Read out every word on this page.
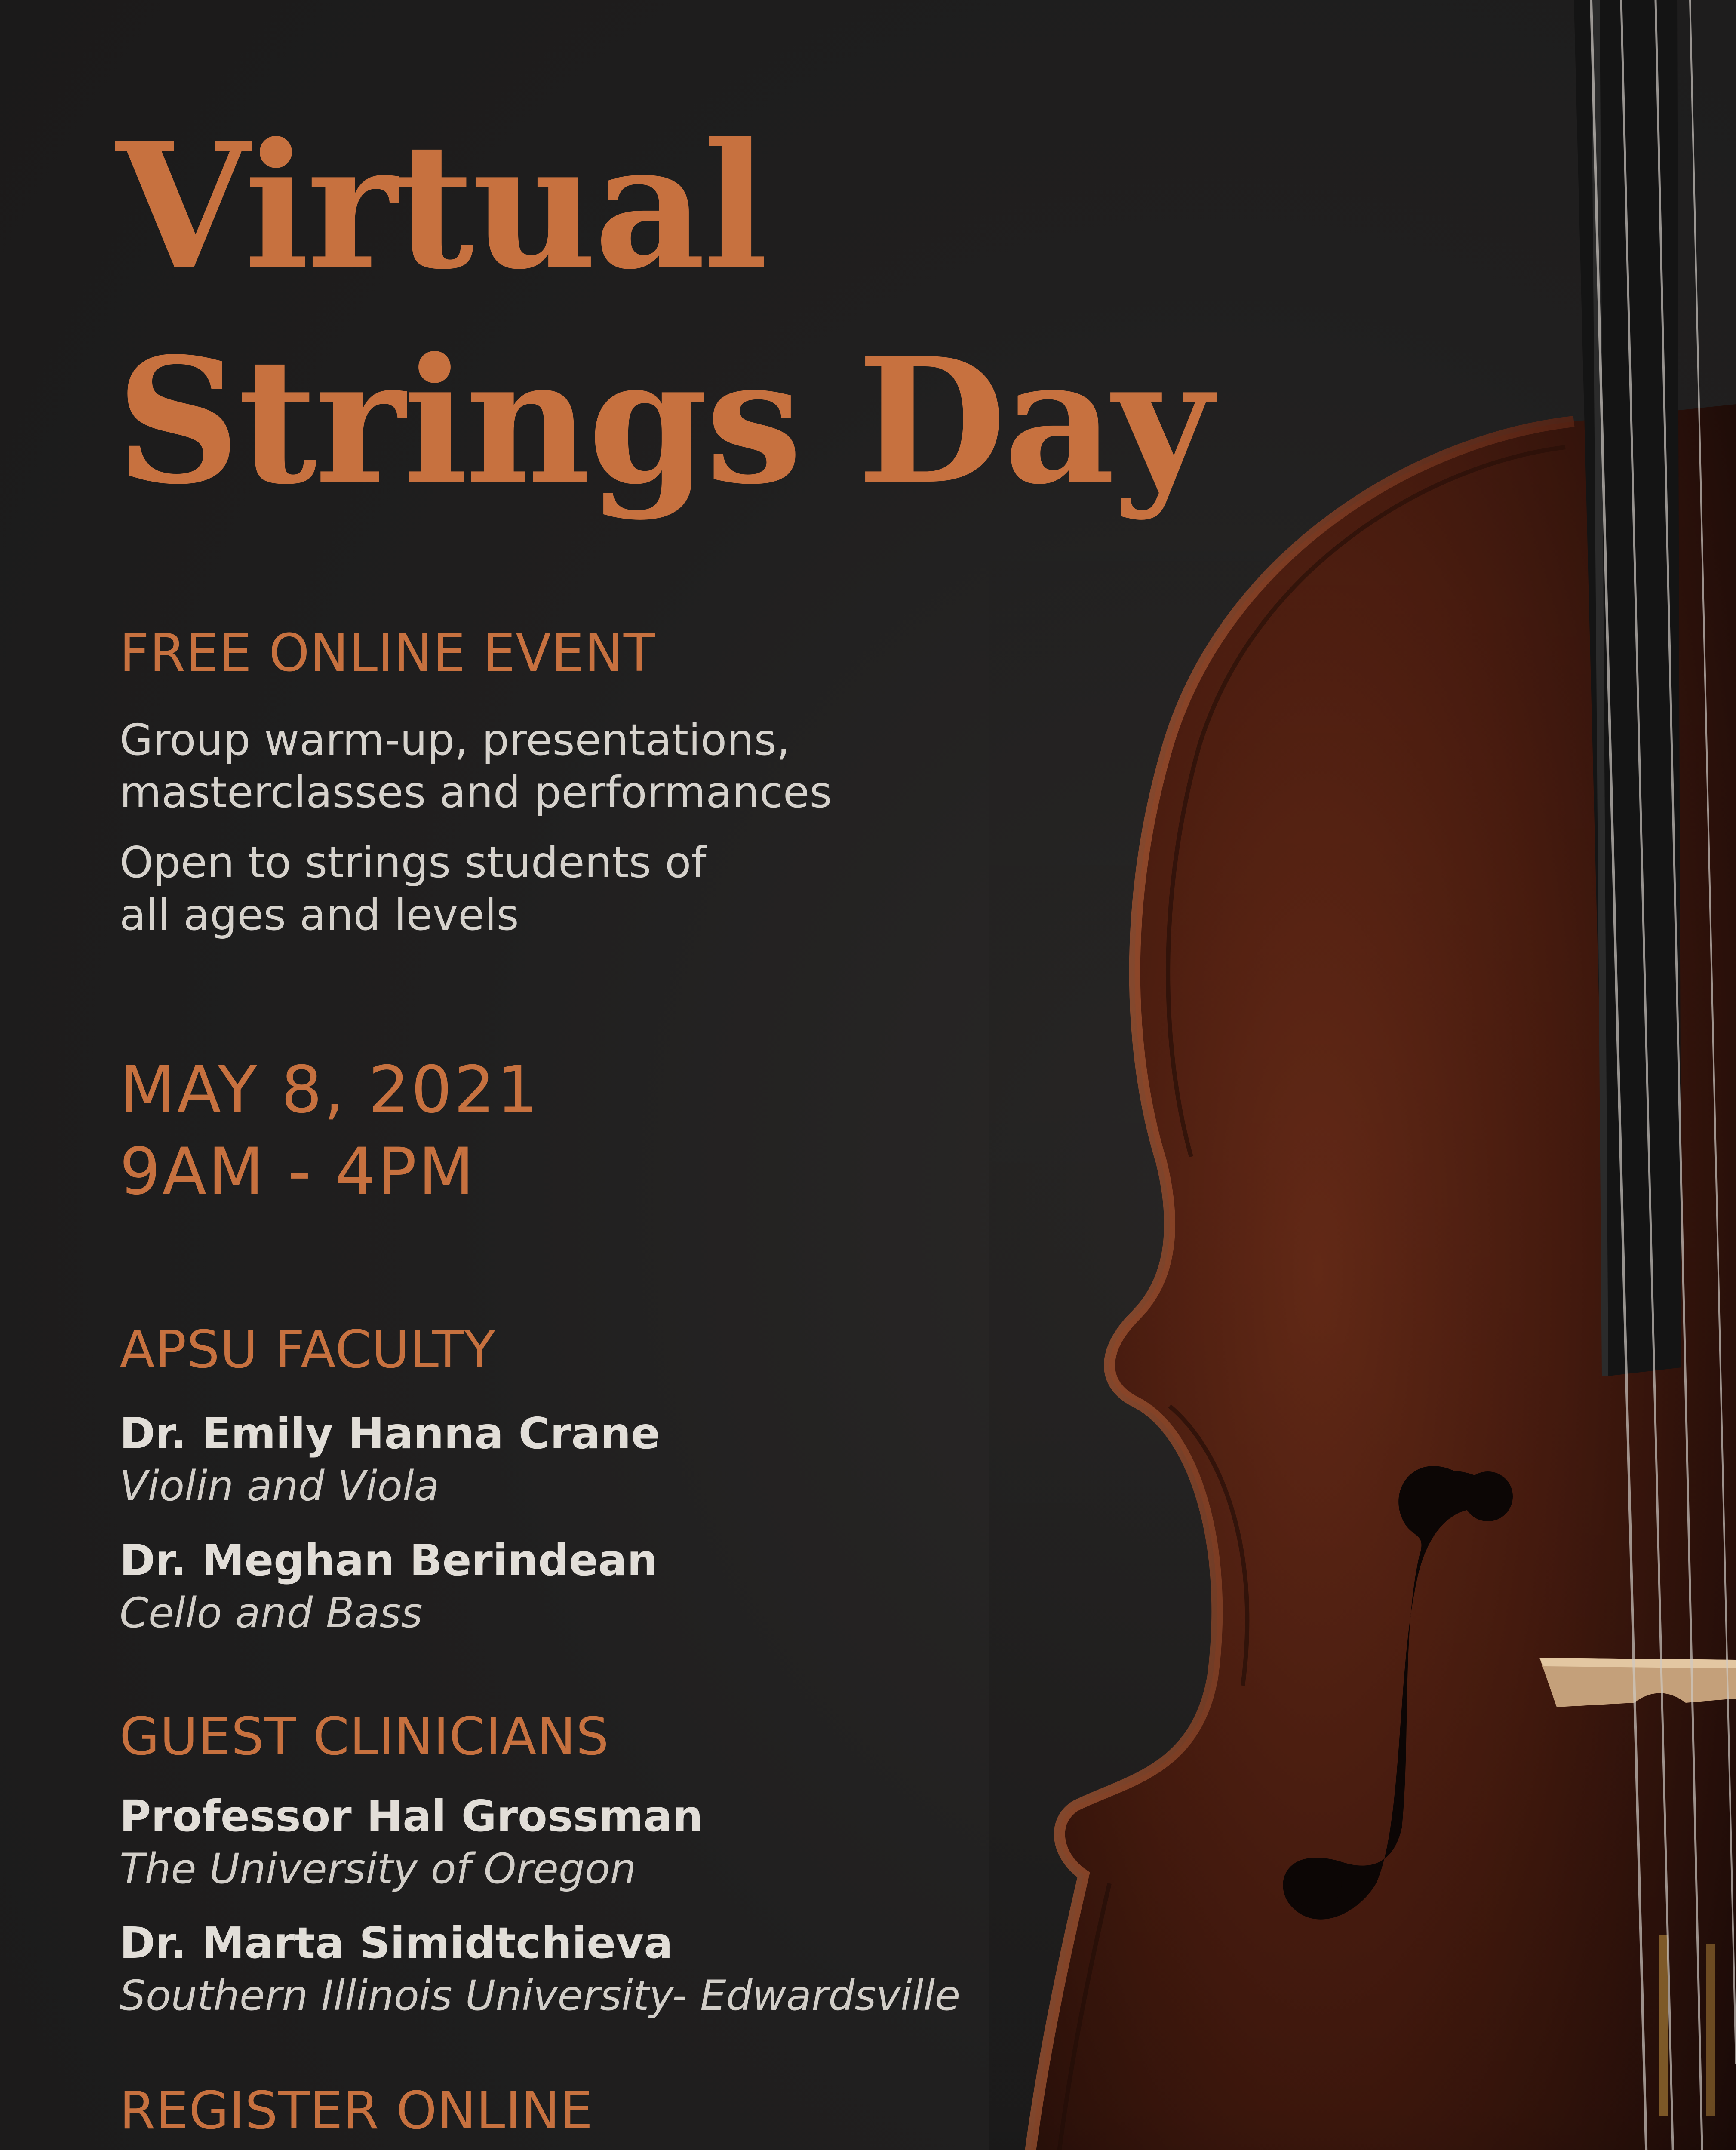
Virtual
Strings Day

FREE ONLINE EVENT

Group warm-up, presentations,
masterclasses and performances

Open to strings students of
all ages and levels

MAY 8, 2021
9AM - 4PM

APSU FACULTY

Dr. Emily Hanna Crane

Violin and Viola

Dr. Meghan Berindean

Cello and Bass

GUEST CLINICIANS

Professor Hal Grossman

The University of Oregon

Dr. Marta Simidtchieva

Southern Illinois University- Edwardsville

REGISTER ONLINE
